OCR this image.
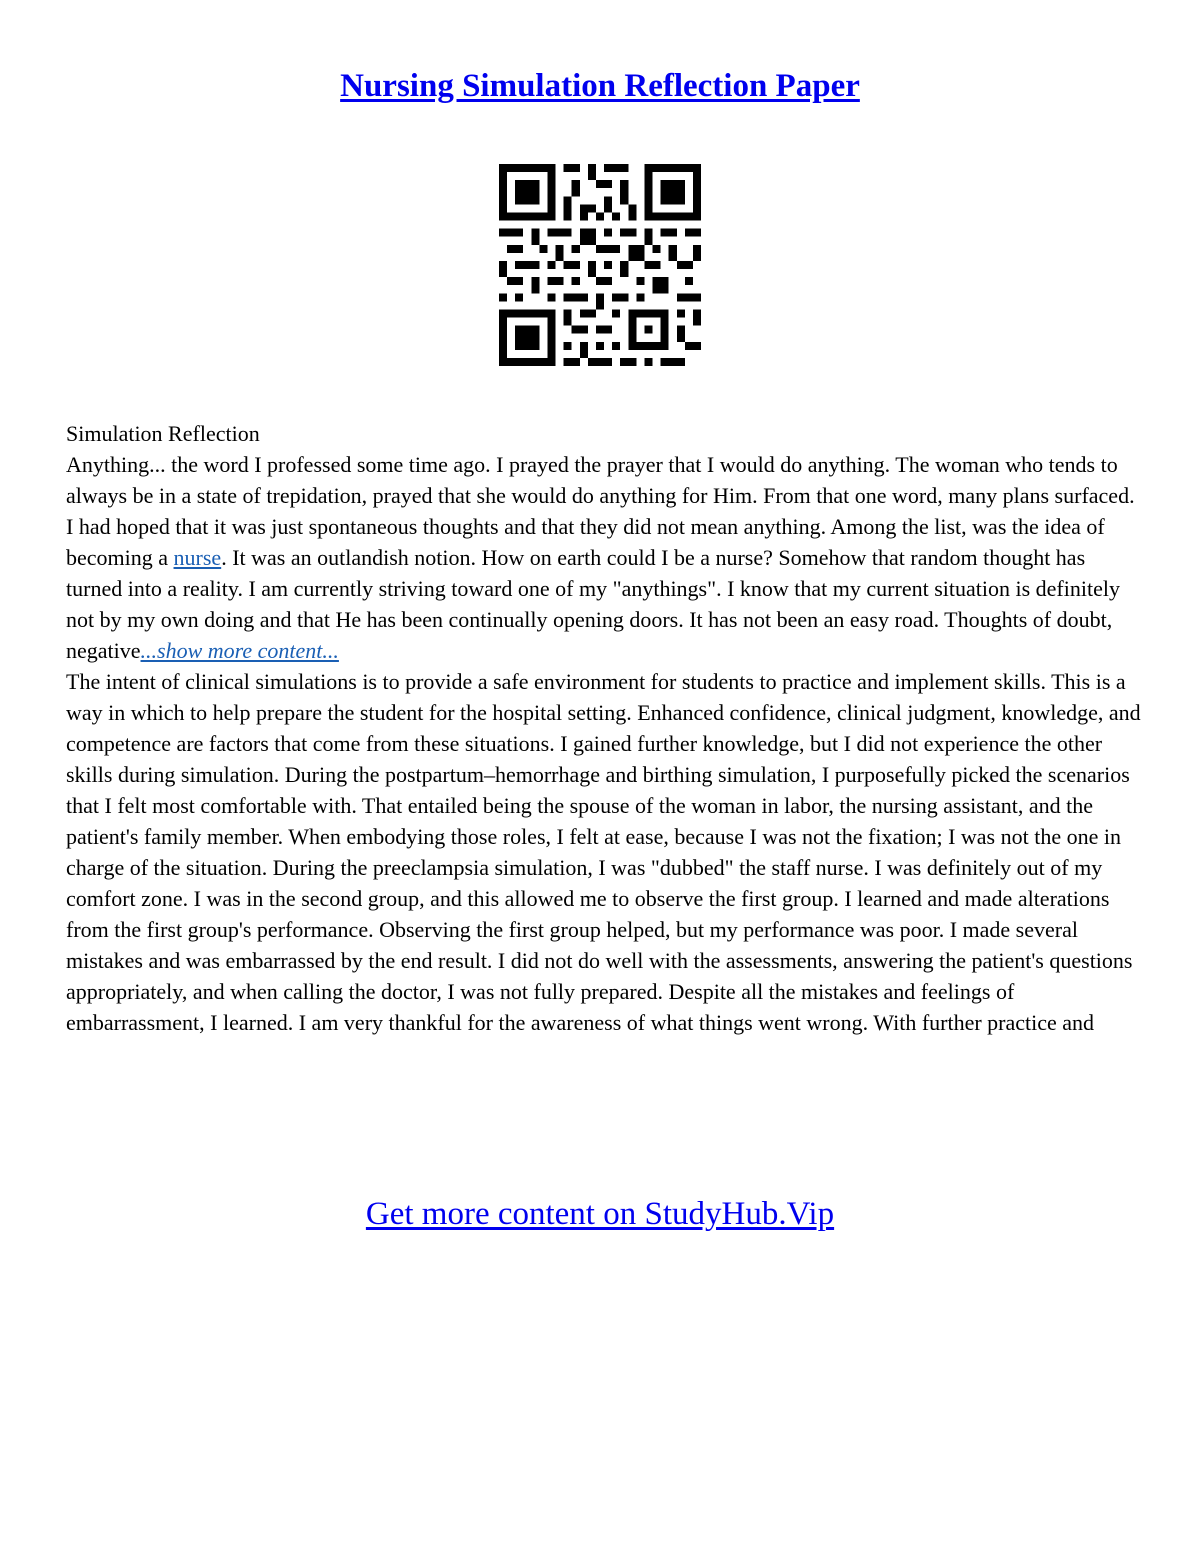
Nursing Simulation Reflection Paper

Simulation Reflection

Anything... the word I professed some time ago. I prayed the prayer that I would do anything. The woman who tends to always be in a state of trepidation, prayed that she would do anything for Him. From that one word, many plans surfaced. I had hoped that it was just spontaneous thoughts and that they did not mean anything. Among the list, was the idea of becoming a nurse. It was an outlandish notion. How on earth could I be a nurse? Somehow that random thought has turned into a reality. I am currently striving toward one of my "anythings". I know that my current situation is definitely not by my own doing and that He has been continually opening doors. It has not been an easy road. Thoughts of doubt, negative...show more content...

The intent of clinical simulations is to provide a safe environment for students to practice and implement skills. This is a way in which to help prepare the student for the hospital setting. Enhanced confidence, clinical judgment, knowledge, and competence are factors that come from these situations. I gained further knowledge, but I did not experience the other skills during simulation. During the postpartum–hemorrhage and birthing simulation, I purposefully picked the scenarios that I felt most comfortable with. That entailed being the spouse of the woman in labor, the nursing assistant, and the patient's family member. When embodying those roles, I felt at ease, because I was not the fixation; I was not the one in charge of the situation. During the preeclampsia simulation, I was "dubbed" the staff nurse. I was definitely out of my comfort zone. I was in the second group, and this allowed me to observe the first group. I learned and made alterations from the first group's performance. Observing the first group helped, but my performance was poor. I made several mistakes and was embarrassed by the end result. I did not do well with the assessments, answering the patient's questions appropriately, and when calling the doctor, I was not fully prepared. Despite all the mistakes and feelings of embarrassment, I learned. I am very thankful for the awareness of what things went wrong. With further practice and

Get more content on StudyHub.Vip
